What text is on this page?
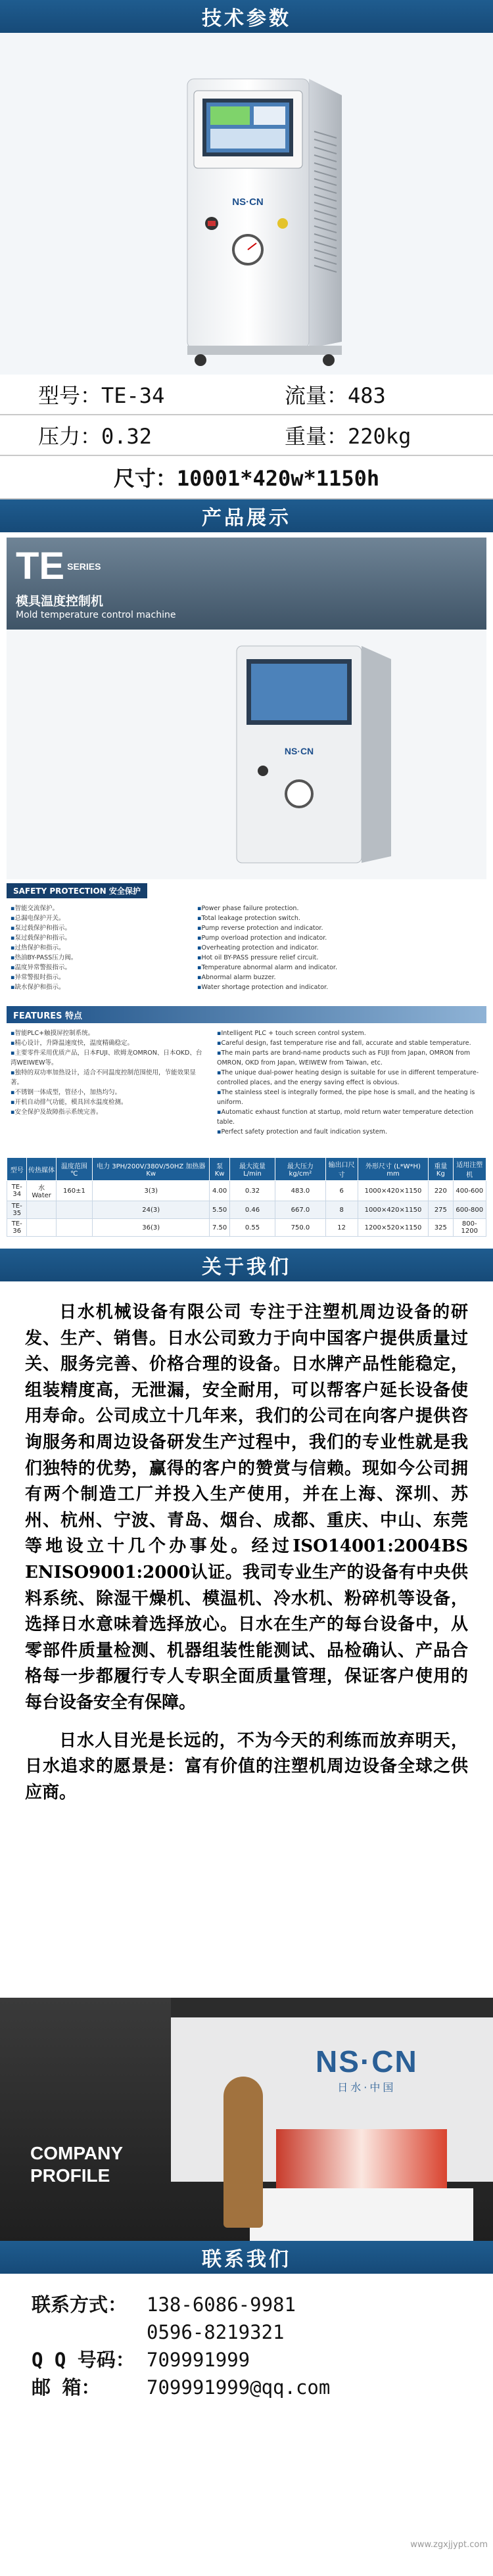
技术参数
NS·CN
型号：TE-34	流量：483
压力：0.32	重量：220kg
尺寸：10001*420w*1150h
产品展示
TE $^{SERIES}$
模具温度控制机
Mold temperature control machine
NS·CN
SAFETY PROTECTION 安全保护
▪ 智能交流保护。
▪ 总漏电保护开关。
▪ 泵过载保护和指示。
▪ 泵过载保护和指示。
▪ 过热保护和指示。
▪ 热油BY-PASS压力阀。
▪ 温度异常警报指示。
▪ 异常警报时指示。
▪ 缺水保护和指示。
▪ Power phase failure protection.
▪ Total leakage protection switch.
▪ Pump reverse protection and indicator.
▪ Pump overload protection and indicator.
▪ Overheating protection and indicator.
▪ Hot oil BY-PASS pressure relief circuit.
▪ Temperature abnormal alarm and indicator.
▪ Abnormal alarm buzzer.
▪ Water shortage protection and indicator.
FEATURES 特点
▪ 智能PLC+触摸屏控制系统。
▪ 精心设计，升降温速度快，温度精确稳定。
▪ 主要零件采用优质产品，日本FUJI、欧姆龙OMRON、日本OKD、台湾WEIWEW等。
▪ 独特的双功率加热设计，适合不同温度控制范围使用，节能效果显著。
▪ 不锈钢一体成型，管径小，加热均匀。
▪ 开机自动排气功能，模具回水温度检测。
▪ 安全保护及故障指示系统完善。
▪ Intelligent PLC + touch screen control system.
▪ Careful design, fast temperature rise and fall, accurate and stable temperature.
▪ The main parts are brand-name products such as FUJI from Japan, OMRON from OMRON, OKD from Japan, WEIWEW from Taiwan, etc.
▪ The unique dual-power heating design is suitable for use in different temperature-controlled places, and the energy saving effect is obvious.
▪ The stainless steel is integrally formed, the pipe hose is small, and the heating is uniform.
▪ Automatic exhaust function at startup, mold return water temperature detection table.
▪ Perfect safety protection and fault indication system.
型号	传热媒体	温度范围 ℃	电力 3PH/200V/380V/50HZ 加热器 Kw	泵 Kw	最大流量 L/min	最大压力 kg/cm²	输出口尺寸	外形尺寸 (L*W*H) mm	重量 Kg	适用注塑机
TE-34	水 Water	160±1	3(3)	4.00	0.32	483.0	6	1000×420×1150	220	400-600
TE-35			24(3)	5.50	0.46	667.0	8	1000×420×1150	275	600-800
TE-36			36(3)	7.50	0.55	750.0	12	1200×520×1150	325	800-1200
关于我们

日水机械设备有限公司 专注于注塑机周边设备的研发、生产、销售。日水公司致力于向中国客户提供质量过关、服务完善、价格合理的设备。日水牌产品性能稳定，组装精度高，无泄漏，安全耐用，可以帮客户延长设备使用寿命。公司成立十几年来，我们的公司在向客户提供咨询服务和周边设备研发生产过程中，我们的专业性就是我们独特的优势，赢得的客户的赞赏与信赖。现如今公司拥有两个制造工厂并投入生产使用，并在上海、深圳、苏州、杭州、宁波、青岛、烟台、成都、重庆、中山、东莞等地设立十几个办事处。经过ISO14001:2004BS ENISO9001:2000认证。我司专业生产的设备有中央供料系统、除湿干燥机、模温机、冷水机、粉碎机等设备，选择日水意味着选择放心。日水在生产的每台设备中，从零部件质量检测、机器组装性能测试、品检确认、产品合格每一步都履行专人专职全面质量管理，保证客户使用的每台设备安全有保障。

日水人目光是长远的，不为今天的利练而放弃明天，日水追求的愿景是：富有价值的注塑机周边设备全球之供应商。

NS·CN
日水·中国
COMPANY
PROFILE
联系我们
联系方式：	138-6086-9981
0596-8219321
Q Q 号码： 709991999
邮 箱：	709991999@qq.com
www.zgxjjypt.com
